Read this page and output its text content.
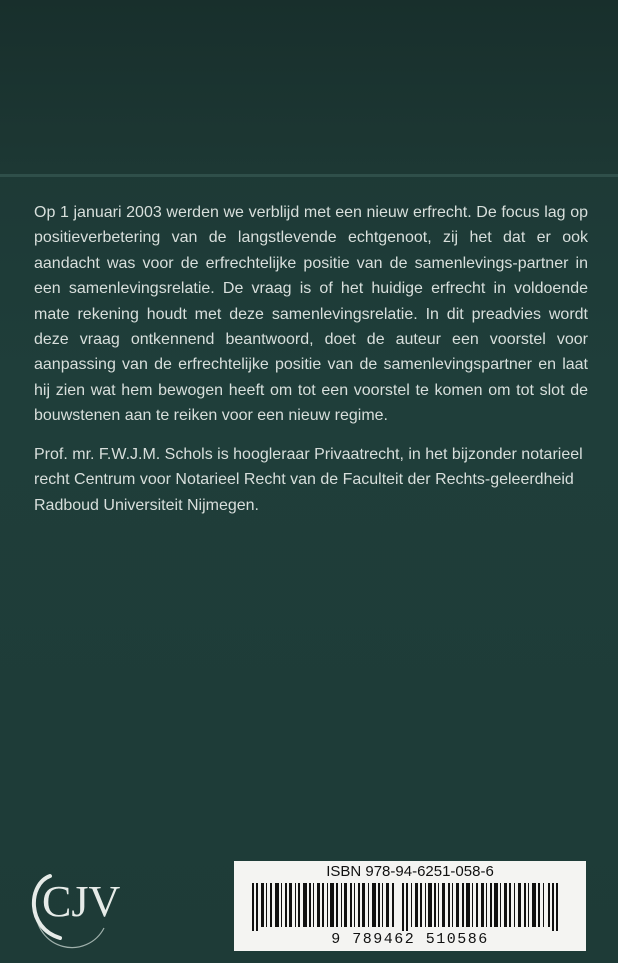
Op 1 januari 2003 werden we verblijd met een nieuw erfrecht. De focus lag op positieverbetering van de langstlevende echtgenoot, zij het dat er ook aandacht was voor de erfrechtelijke positie van de samenlevings-partner in een samenlevingsrelatie. De vraag is of het huidige erfrecht in voldoende mate rekening houdt met deze samenlevingsrelatie. In dit preadvies wordt deze vraag ontkennend beantwoord, doet de auteur een voorstel voor aanpassing van de erfrechtelijke positie van de samenlevingspartner en laat hij zien wat hem bewogen heeft om tot een voorstel te komen om tot slot de bouwstenen aan te reiken voor een nieuw regime.

Prof. mr. F.W.J.M. Schols is hoogleraar Privaatrecht, in het bijzonder notarieel recht Centrum voor Notarieel Recht van de Faculteit der Rechts-geleerdheid Radboud Universiteit Nijmegen.

CJV
ISBN 978-94-6251-058-6
9 789462 510586
